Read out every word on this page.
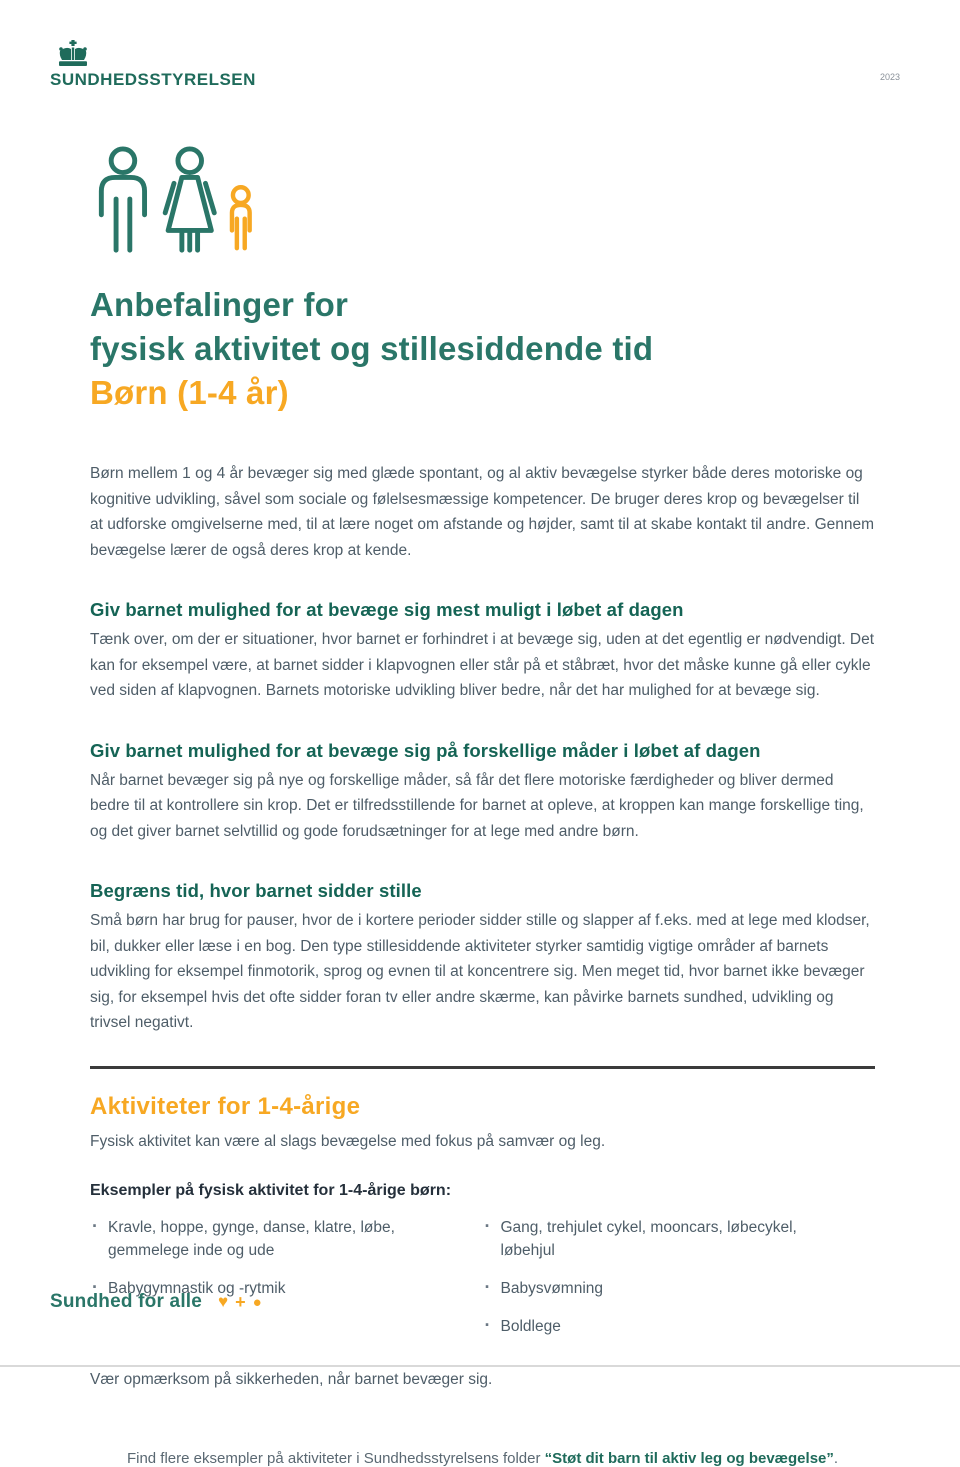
SUNDHEDSSTYRELSEN	2023
Anbefalinger for
fysisk aktivitet og stillesiddende tid
Børn (1-4 år)

Børn mellem 1 og 4 år bevæger sig med glæde spontant, og al aktiv bevægelse styrker både deres motoriske og kognitive udvikling, såvel som sociale og følelsesmæssige kompetencer. De bruger deres krop og bevægelser til at udforske omgivelserne med, til at lære noget om afstande og højder, samt til at skabe kontakt til andre. Gennem bevægelse lærer de også deres krop at kende.

Giv barnet mulighed for at bevæge sig mest muligt i løbet af dagen

Tænk over, om der er situationer, hvor barnet er forhindret i at bevæge sig, uden at det egentlig er nødvendigt. Det kan for eksempel være, at barnet sidder i klapvognen eller står på et ståbræt, hvor det måske kunne gå eller cykle ved siden af klapvognen. Barnets motoriske udvikling bliver bedre, når det har mulighed for at bevæge sig.

Giv barnet mulighed for at bevæge sig på forskellige måder i løbet af dagen

Når barnet bevæger sig på nye og forskellige måder, så får det flere motoriske færdigheder og bliver dermed bedre til at kontrollere sin krop. Det er tilfredsstillende for barnet at opleve, at kroppen kan mange forskellige ting, og det giver barnet selvtillid og gode forudsætninger for at lege med andre børn.

Begræns tid, hvor barnet sidder stille

Små børn har brug for pauser, hvor de i kortere perioder sidder stille og slapper af f.eks. med at lege med klodser, bil, dukker eller læse i en bog. Den type stillesiddende aktiviteter styrker samtidig vigtige områder af barnets udvikling for eksempel finmotorik, sprog og evnen til at koncentrere sig. Men meget tid, hvor barnet ikke bevæger sig, for eksempel hvis det ofte sidder foran tv eller andre skærme, kan påvirke barnets sundhed, udvikling og trivsel negativt.

Aktiviteter for 1-4-årige

Fysisk aktivitet kan være al slags bevægelse med fokus på samvær og leg.

Eksempler på fysisk aktivitet for 1-4-årige børn:
· Kravle, hoppe, gynge, danse, klatre, løbe, gemmelege inde og ude
· Babygymnastik og -rytmik
· Gang, trehjulet cykel, mooncars, løbecykel, løbehjul
· Babysvømning
· Boldlege

Vær opmærksom på sikkerheden, når barnet bevæger sig.

Find flere eksempler på aktiviteter i Sundhedsstyrelsens folder “Støt dit barn til aktiv leg og bevægelse”.

Sundhed for alle ♥ + ●
